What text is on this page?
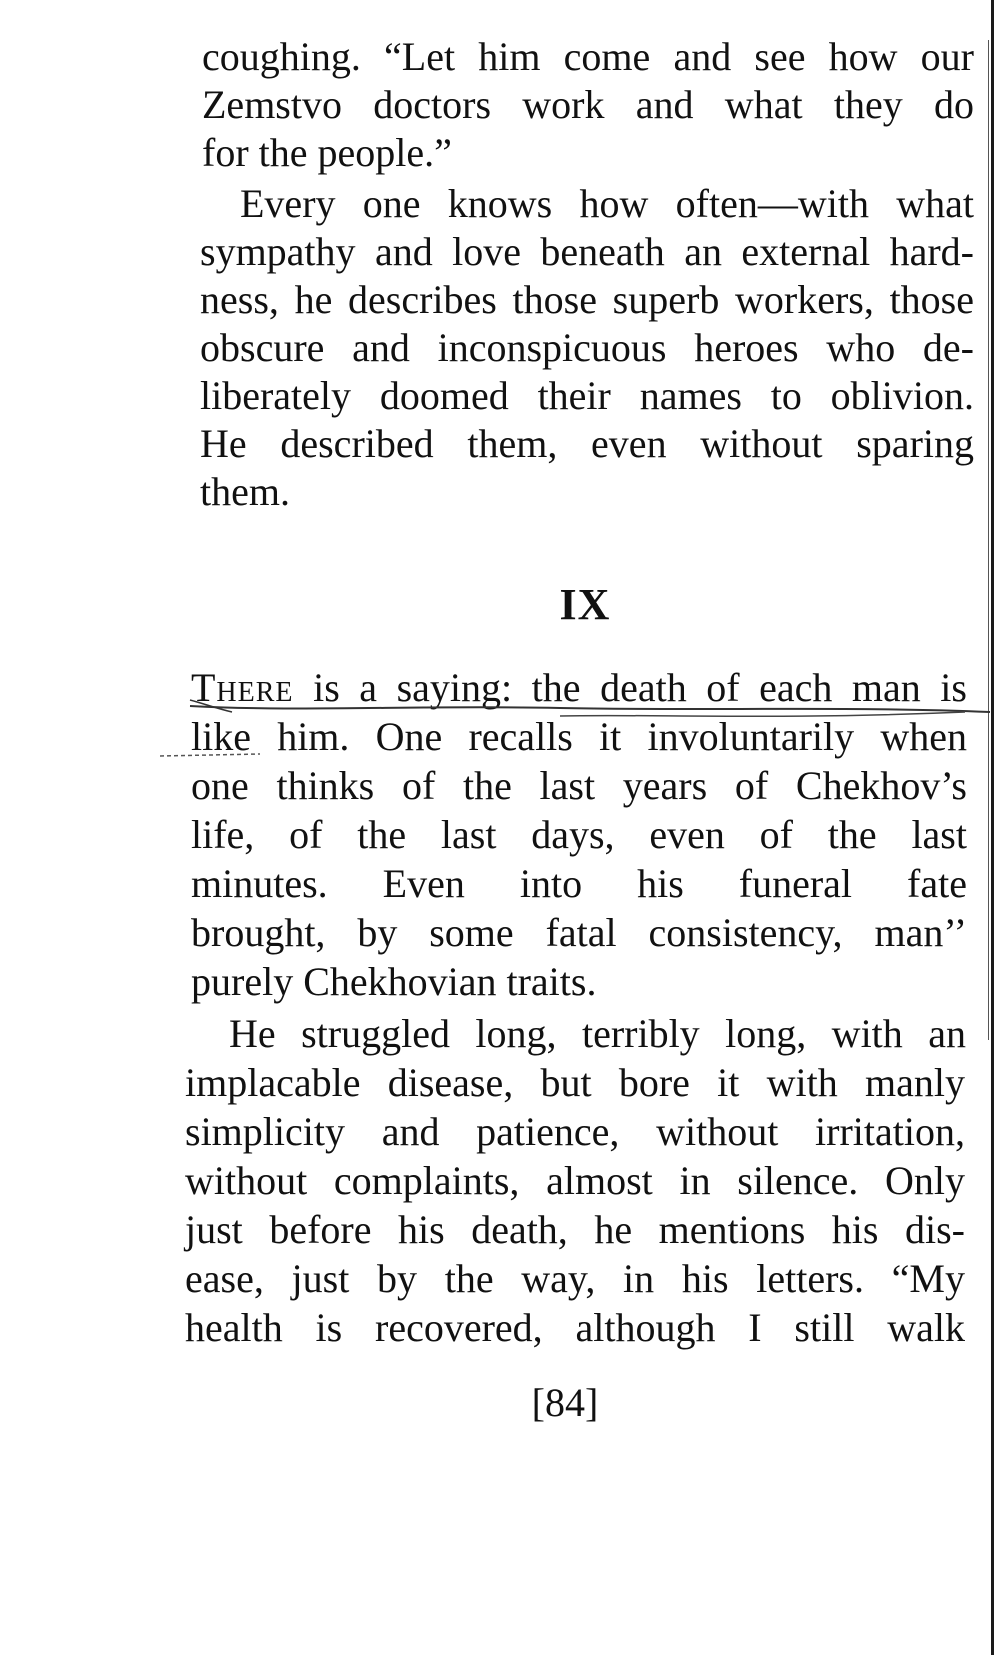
coughing. “Let him come and see how our
Zemstvo doctors work and what they do
for the people.”
Every one knows how often—with what
sympathy and love beneath an external hard-
ness, he describes those superb workers, those
obscure and inconspicuous heroes who de-
liberately doomed their names to oblivion.
He described them, even without sparing
them.
IX
There is a saying: the death of each man is
like him. One recalls it involuntarily when
one thinks of the last years of Chekhov’s
life, of the last days, even of the last
minutes. Even into his funeral fate
brought, by some fatal consistency, man’’
purely Chekhovian traits.
He struggled long, terribly long, with an
implacable disease, but bore it with manly
simplicity and patience, without irritation,
without complaints, almost in silence. Only
just before his death, he mentions his dis-
ease, just by the way, in his letters. “My
health is recovered, although I still walk
[84]
